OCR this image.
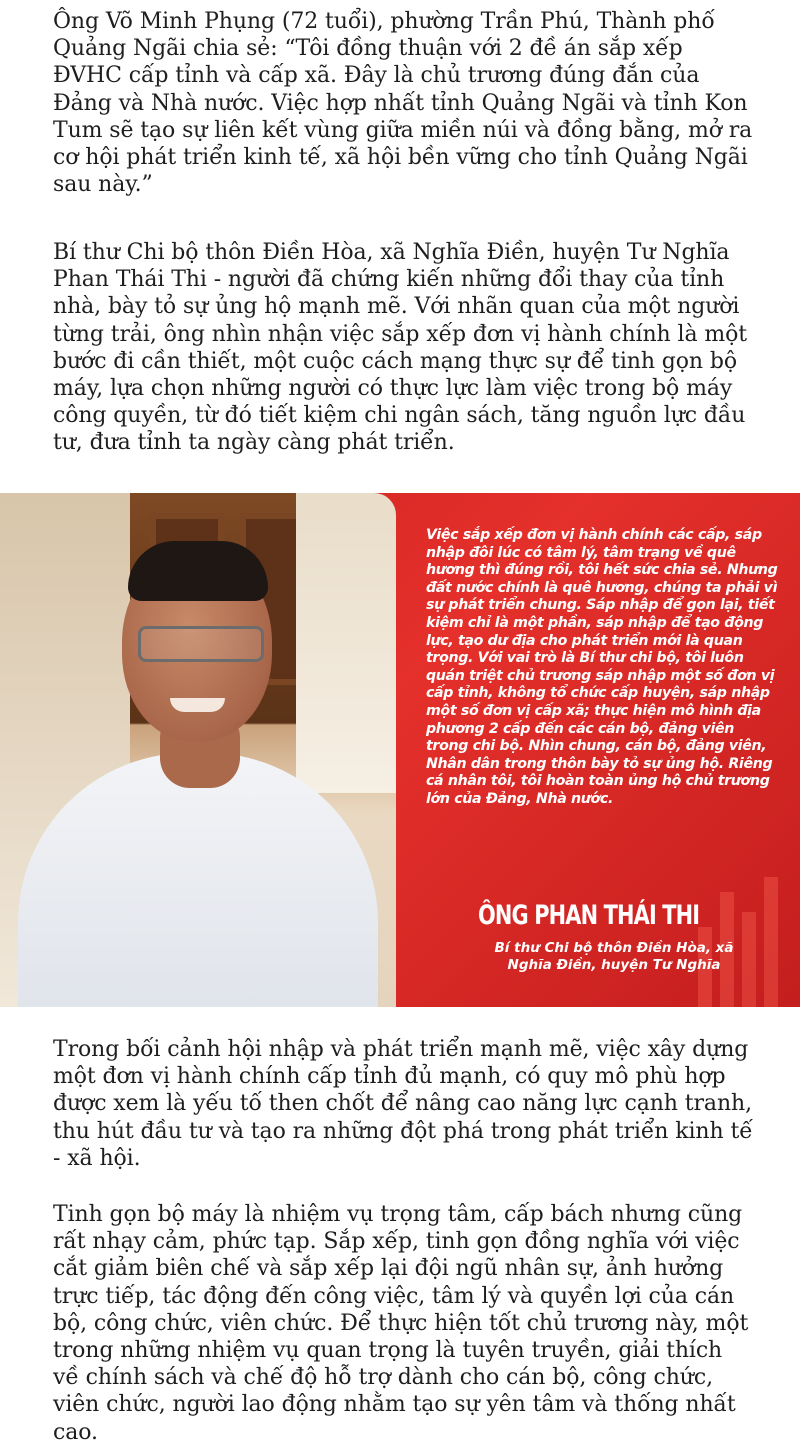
Ông Võ Minh Phụng (72 tuổi), phường Trần Phú, Thành phố Quảng Ngãi chia sẻ: “Tôi đồng thuận với 2 đề án sắp xếp ĐVHC cấp tỉnh và cấp xã. Đây là chủ trương đúng đắn của Đảng và Nhà nước. Việc hợp nhất tỉnh Quảng Ngãi và tỉnh Kon Tum sẽ tạo sự liên kết vùng giữa miền núi và đồng bằng, mở ra cơ hội phát triển kinh tế, xã hội bền vững cho tỉnh Quảng Ngãi sau này.”

Bí thư Chi bộ thôn Điền Hòa, xã Nghĩa Điền, huyện Tư Nghĩa Phan Thái Thi - người đã chứng kiến những đổi thay của tỉnh nhà, bày tỏ sự ủng hộ mạnh mẽ. Với nhãn quan của một người từng trải, ông nhìn nhận việc sắp xếp đơn vị hành chính là một bước đi cần thiết, một cuộc cách mạng thực sự để tinh gọn bộ máy, lựa chọn những người có thực lực làm việc trong bộ máy công quyền, từ đó tiết kiệm chi ngân sách, tăng nguồn lực đầu tư, đưa tỉnh ta ngày càng phát triển.

Việc sắp xếp đơn vị hành chính các cấp, sáp nhập đôi lúc có tâm lý, tâm trạng về quê hương thì đúng rồi, tôi hết sức chia sẻ. Nhưng đất nước chính là quê hương, chúng ta phải vì sự phát triển chung. Sáp nhập để gọn lại, tiết kiệm chỉ là một phần, sáp nhập để tạo động lực, tạo dư địa cho phát triển mới là quan trọng. Với vai trò là Bí thư chi bộ, tôi luôn quán triệt chủ trương sáp nhập một số đơn vị cấp tỉnh, không tổ chức cấp huyện, sáp nhập một số đơn vị cấp xã; thực hiện mô hình địa phương 2 cấp đến các cán bộ, đảng viên trong chi bộ. Nhìn chung, cán bộ, đảng viên, Nhân dân trong thôn bày tỏ sự ủng hộ. Riêng cá nhân tôi, tôi hoàn toàn ủng hộ chủ trương lớn của Đảng, Nhà nước.

ÔNG PHAN THÁI THI
Bí thư Chi bộ thôn Điền Hòa, xã Nghĩa Điền, huyện Tư Nghĩa

Trong bối cảnh hội nhập và phát triển mạnh mẽ, việc xây dựng một đơn vị hành chính cấp tỉnh đủ mạnh, có quy mô phù hợp được xem là yếu tố then chốt để nâng cao năng lực cạnh tranh, thu hút đầu tư và tạo ra những đột phá trong phát triển kinh tế - xã hội.

Tinh gọn bộ máy là nhiệm vụ trọng tâm, cấp bách nhưng cũng rất nhạy cảm, phức tạp. Sắp xếp, tinh gọn đồng nghĩa với việc cắt giảm biên chế và sắp xếp lại đội ngũ nhân sự, ảnh hưởng trực tiếp, tác động đến công việc, tâm lý và quyền lợi của cán bộ, công chức, viên chức. Để thực hiện tốt chủ trương này, một trong những nhiệm vụ quan trọng là tuyên truyền, giải thích về chính sách và chế độ hỗ trợ dành cho cán bộ, công chức, viên chức, người lao động nhằm tạo sự yên tâm và thống nhất cao.
